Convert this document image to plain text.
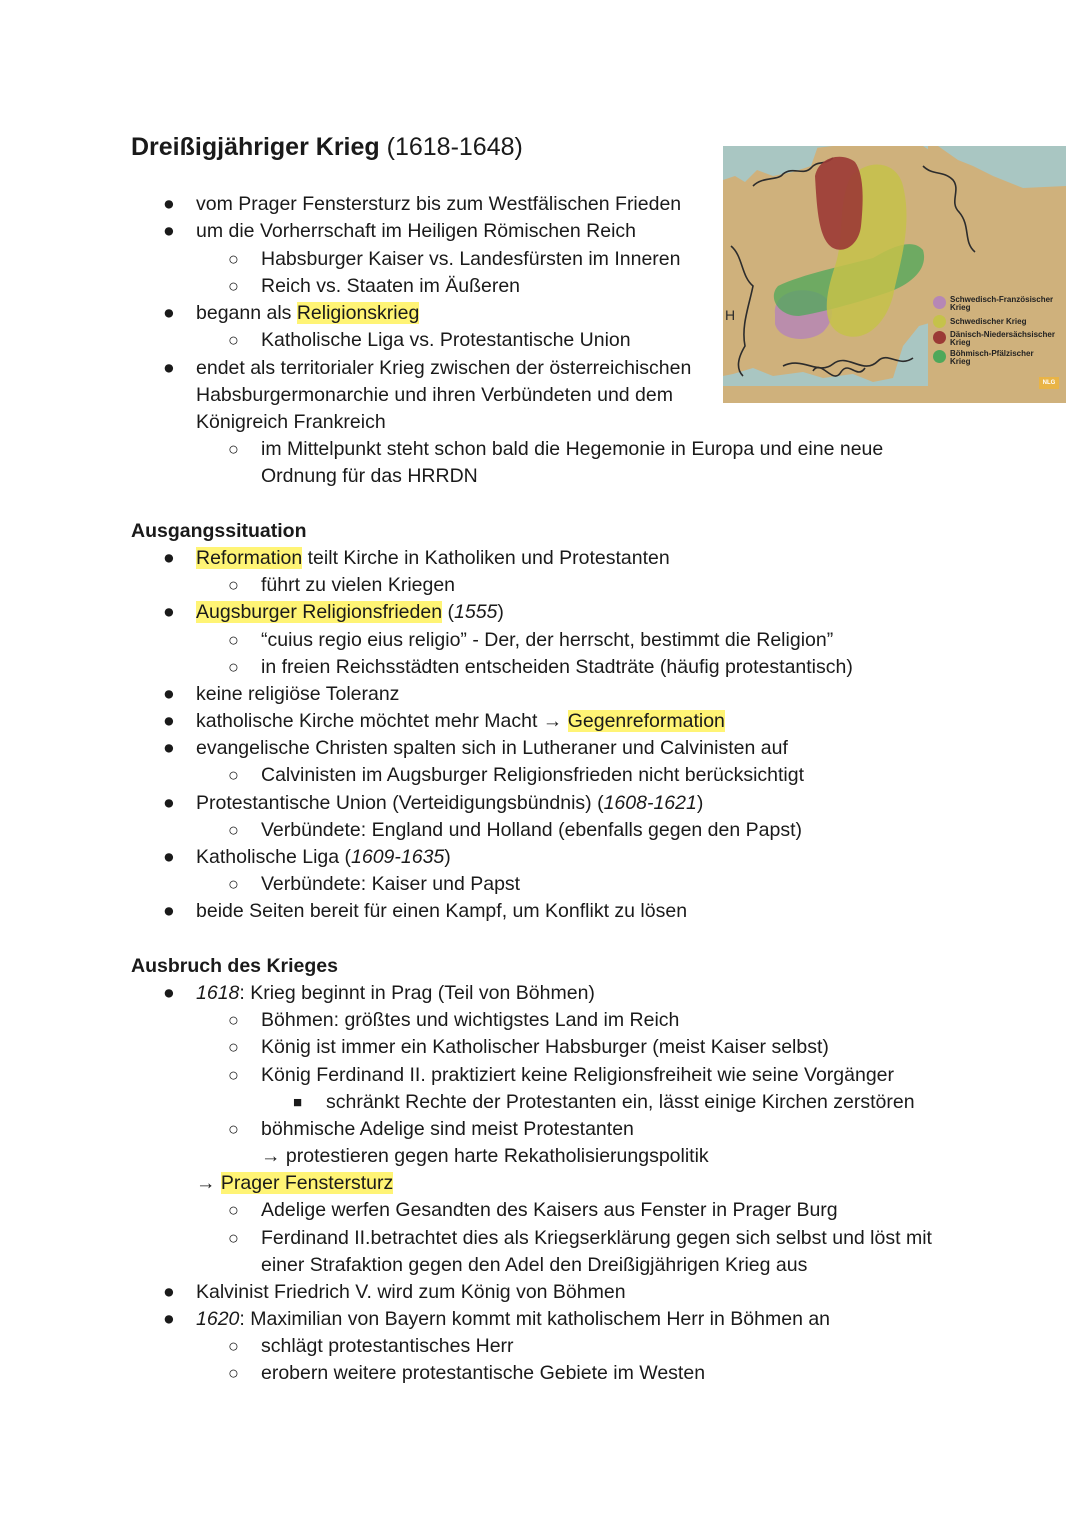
Dreißigjähriger Krieg (1618-1648)
H
Schwedisch-Französischer
Krieg
Schwedischer Krieg
Dänisch-Niedersächsischer
Krieg
Böhmisch-Pfälzischer
Krieg
NLG
● vom Prager Fenstersturz bis zum Westfälischen Frieden
● um die Vorherrschaft im Heiligen Römischen Reich
○ Habsburger Kaiser vs. Landesfürsten im Inneren
○ Reich vs. Staaten im Äußeren
● begann als Religionskrieg
○ Katholische Liga vs. Protestantische Union
● endet als territorialer Krieg zwischen der österreichischen
Habsburgermonarchie und ihren Verbündeten und dem
Königreich Frankreich
○ im Mittelpunkt steht schon bald die Hegemonie in Europa und eine neue
Ordnung für das HRRDN
Ausgangssituation
● Reformation teilt Kirche in Katholiken und Protestanten
○ führt zu vielen Kriegen
● Augsburger Religionsfrieden (1555)
○ “cuius regio eius religio” - Der, der herrscht, bestimmt die Religion”
○ in freien Reichsstädten entscheiden Stadträte (häufig protestantisch)
● keine religiöse Toleranz
● katholische Kirche möchtet mehr Macht → Gegenreformation
● evangelische Christen spalten sich in Lutheraner und Calvinisten auf
○ Calvinisten im Augsburger Religionsfrieden nicht berücksichtigt
● Protestantische Union (Verteidigungsbündnis) (1608-1621)
○ Verbündete: England und Holland (ebenfalls gegen den Papst)
● Katholische Liga (1609-1635)
○ Verbündete: Kaiser und Papst
● beide Seiten bereit für einen Kampf, um Konflikt zu lösen
Ausbruch des Krieges
● 1618: Krieg beginnt in Prag (Teil von Böhmen)
○ Böhmen: größtes und wichtigstes Land im Reich
○ König ist immer ein Katholischer Habsburger (meist Kaiser selbst)
○ König Ferdinand II. praktiziert keine Religionsfreiheit wie seine Vorgänger
■ schränkt Rechte der Protestanten ein, lässt einige Kirchen zerstören
○ böhmische Adelige sind meist Protestanten
→ protestieren gegen harte Rekatholisierungspolitik
→ Prager Fenstersturz
○ Adelige werfen Gesandten des Kaisers aus Fenster in Prager Burg
○ Ferdinand II.betrachtet dies als Kriegserklärung gegen sich selbst und löst mit
einer Strafaktion gegen den Adel den Dreißigjährigen Krieg aus
● Kalvinist Friedrich V. wird zum König von Böhmen
● 1620: Maximilian von Bayern kommt mit katholischem Herr in Böhmen an
○ schlägt protestantisches Herr
○ erobern weitere protestantische Gebiete im Westen
